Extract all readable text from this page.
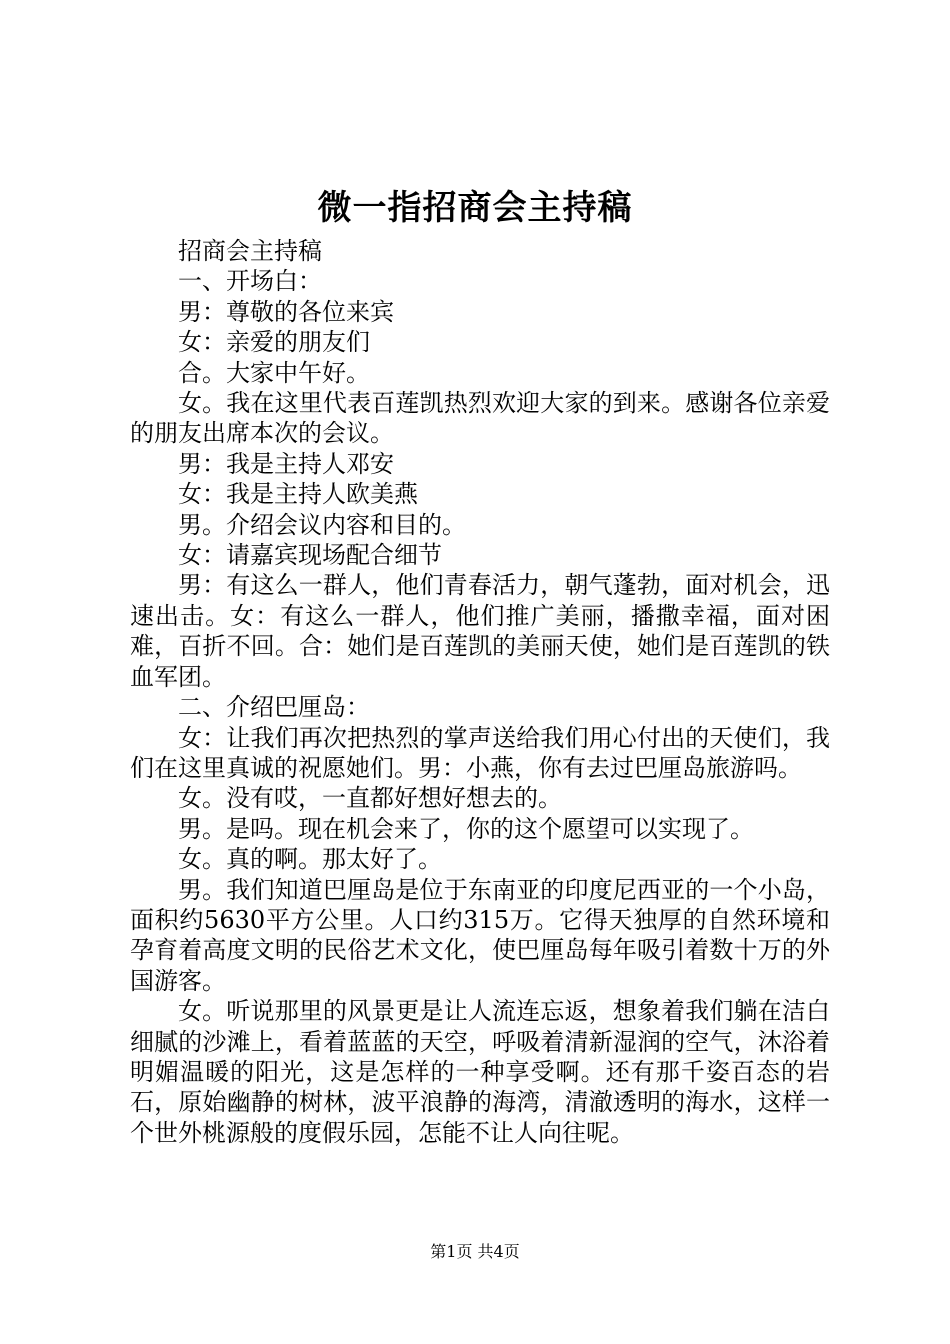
微一指招商会主持稿

招商会主持稿

一、开场白：

男：尊敬的各位来宾

女：亲爱的朋友们

合。大家中午好。

女。我在这里代表百莲凯热烈欢迎大家的到来。感谢各位亲爱的朋友出席本次的会议。

男：我是主持人邓安

女：我是主持人欧美燕

男。介绍会议内容和目的。

女：请嘉宾现场配合细节

男：有这么一群人，他们青春活力，朝气蓬勃，面对机会，迅速出击。女：有这么一群人，他们推广美丽，播撒幸福，面对困难，百折不回。合：她们是百莲凯的美丽天使，她们是百莲凯的铁血军团。

二、介绍巴厘岛：

女：让我们再次把热烈的掌声送给我们用心付出的天使们，我们在这里真诚的祝愿她们。男：小燕，你有去过巴厘岛旅游吗。

女。没有哎，一直都好想好想去的。

男。是吗。现在机会来了，你的这个愿望可以实现了。

女。真的啊。那太好了。

男。我们知道巴厘岛是位于东南亚的印度尼西亚的一个小岛，面积约5630平方公里。人口约315万。它得天独厚的自然环境和孕育着高度文明的民俗艺术文化，使巴厘岛每年吸引着数十万的外国游客。

女。听说那里的风景更是让人流连忘返，想象着我们躺在洁白细腻的沙滩上，看着蓝蓝的天空，呼吸着清新湿润的空气，沐浴着明媚温暖的阳光，这是怎样的一种享受啊。还有那千姿百态的岩石，原始幽静的树林，波平浪静的海湾，清澈透明的海水，这样一个世外桃源般的度假乐园，怎能不让人向往呢。

第1页 共4页
